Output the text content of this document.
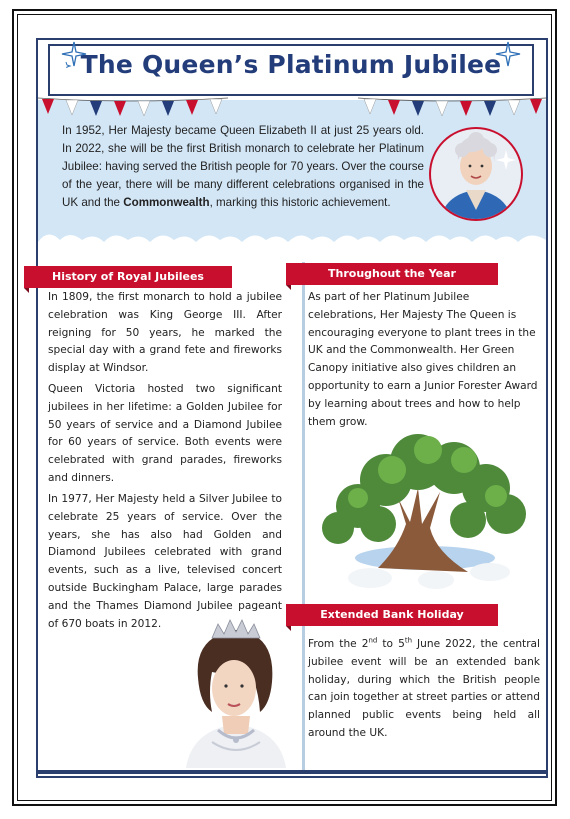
The Queen’s Platinum Jubilee

In 1952, Her Majesty became Queen Elizabeth II at just 25 years old. In 2022, she will be the first British monarch to celebrate her Platinum Jubilee: having served the British people for 70 years. Over the course of the year, there will be many different celebrations organised in the UK and the Commonwealth, marking this historic achievement.

History of Royal Jubilees
In 1809, the first monarch to hold a jubilee celebration was King George III. After reigning for 50 years, he marked the special day with a grand fete and fireworks display at Windsor.
Queen Victoria hosted two significant jubilees in her lifetime: a Golden Jubilee for 50 years of service and a Diamond Jubilee for 60 years of service. Both events were celebrated with grand parades, fireworks and dinners.
In 1977, Her Majesty held a Silver Jubilee to celebrate 25 years of service. Over the years, she has also had Golden and Diamond Jubilees celebrated with grand events, such as a live, televised concert outside Buckingham Palace, large parades and the Thames Diamond Jubilee pageant of 670 boats in 2012.
Throughout the Year
As part of her Platinum Jubilee celebrations, Her Majesty The Queen is encouraging everyone to plant trees in the UK and the Commonwealth. Her Green Canopy initiative also gives children an opportunity to earn a Junior Forester Award by learning about trees and how to help them grow.
Extended Bank Holiday

From the 2nd to 5th June 2022, the central jubilee event will be an extended bank holiday, during which the British people can join together at street parties or attend planned public events being held all around the UK.
